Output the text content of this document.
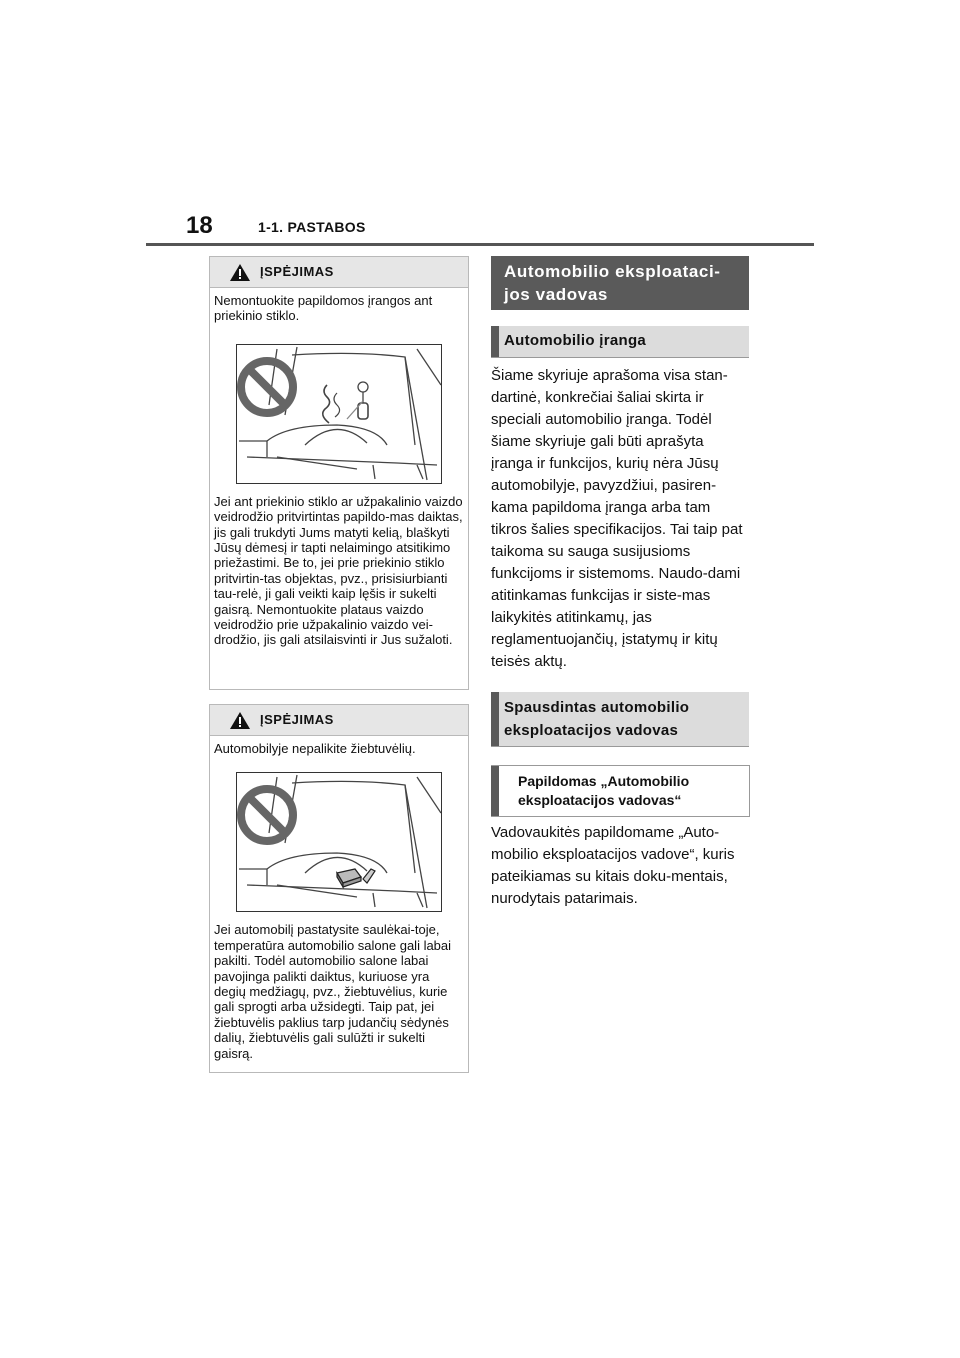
18	1-1. PASTABOS
ĮSPĖJIMAS

Nemontuokite papildomos įrangos ant priekinio stiklo.

Jei ant priekinio stiklo ar užpakalinio vaizdo veidrodžio pritvirtintas papildo-mas daiktas, jis gali trukdyti Jums matyti kelią, blaškyti Jūsų dėmesį ir tapti nelaimingo atsitikimo priežastimi. Be to, jei prie priekinio stiklo pritvirtin-tas objektas, pvz., prisisiurbianti tau-relė, ji gali veikti kaip lęšis ir sukelti gaisrą. Nemontuokite plataus vaizdo veidrodžio prie užpakalinio vaizdo vei-drodžio, jis gali atsilaisvinti ir Jus sužaloti.

ĮSPĖJIMAS

Automobilyje nepalikite žiebtuvėlių.

Jei automobilį pastatysite saulėkai-toje, temperatūra automobilio salone gali labai pakilti. Todėl automobilio salone labai pavojinga palikti daiktus, kuriuose yra degių medžiagų, pvz., žiebtuvėlius, kurie gali sprogti arba užsidegti. Taip pat, jei žiebtuvėlis paklius tarp judančių sėdynės dalių, žiebtuvėlis gali sulūžti ir sukelti gaisrą.

Automobilio eksploataci-jos vadovas
Automobilio įranga

Šiame skyriuje aprašoma visa stan-dartinė, konkrečiai šaliai skirta ir speciali automobilio įranga. Todėl šiame skyriuje gali būti aprašyta įranga ir funkcijos, kurių nėra Jūsų automobilyje, pavyzdžiui, pasiren-kama papildoma įranga arba tam tikros šalies specifikacijos. Tai taip pat taikoma su sauga susijusioms funkcijoms ir sistemoms. Naudo-dami atitinkamas funkcijas ir siste-mas laikykitės atitinkamų, jas reglamentuojančių, įstatymų ir kitų teisės aktų.

Spausdintas automobilio eksploatacijos vadovas
Papildomas „Automobilio eksploatacijos vadovas“

Vadovaukitės papildomame „Auto-mobilio eksploatacijos vadove“, kuris pateikiamas su kitais doku-mentais, nurodytais patarimais.
